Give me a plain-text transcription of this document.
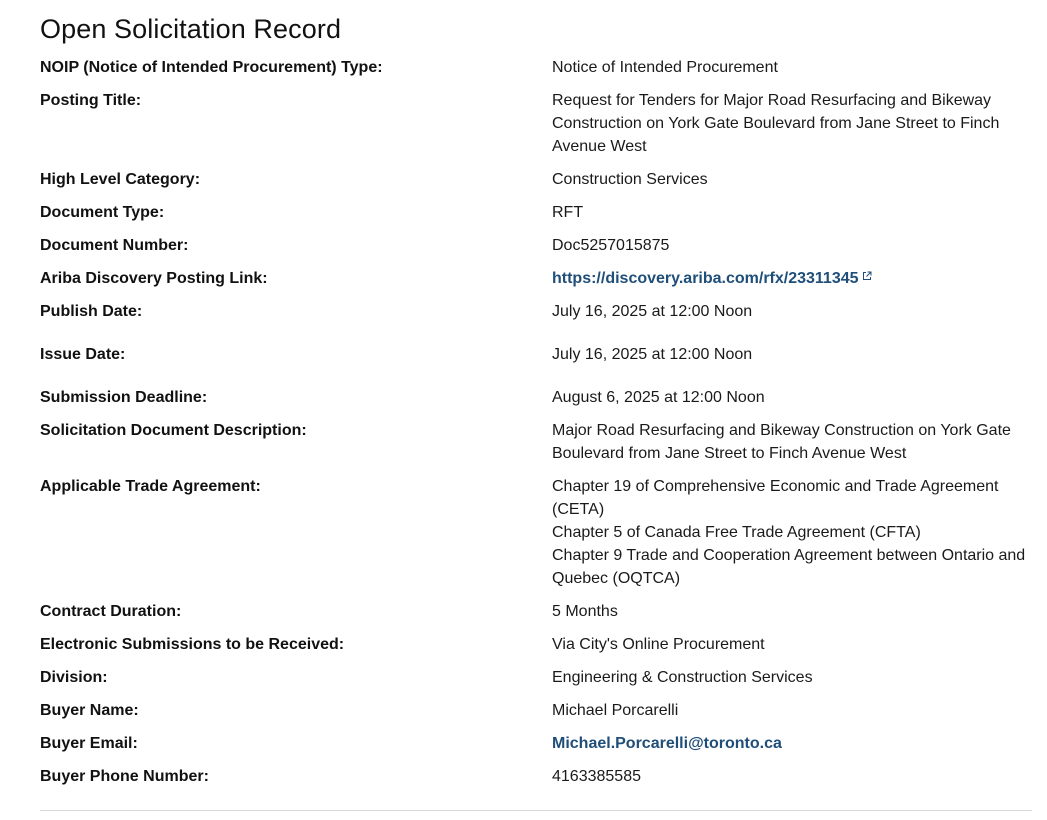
Open Solicitation Record
NOIP (Notice of Intended Procurement) Type:	Notice of Intended Procurement
Posting Title:	Request for Tenders for Major Road Resurfacing and Bikeway Construction on York Gate Boulevard from Jane Street to Finch Avenue West
High Level Category:	Construction Services
Document Type:	RFT
Document Number:	Doc5257015875
Ariba Discovery Posting Link:	https://discovery.ariba.com/rfx/23311345
Publish Date:	July 16, 2025 at 12:00 Noon
Issue Date:	July 16, 2025 at 12:00 Noon
Submission Deadline:	August 6, 2025 at 12:00 Noon
Solicitation Document Description:	Major Road Resurfacing and Bikeway Construction on York Gate Boulevard from Jane Street to Finch Avenue West
Applicable Trade Agreement:	Chapter 19 of Comprehensive Economic and Trade Agreement (CETA)
Chapter 5 of Canada Free Trade Agreement (CFTA)
Chapter 9 Trade and Cooperation Agreement between Ontario and Quebec (OQTCA)
Contract Duration:	5 Months
Electronic Submissions to be Received:	Via City's Online Procurement
Division:	Engineering & Construction Services
Buyer Name:	Michael Porcarelli
Buyer Email:	Michael.Porcarelli@toronto.ca
Buyer Phone Number:	4163385585
